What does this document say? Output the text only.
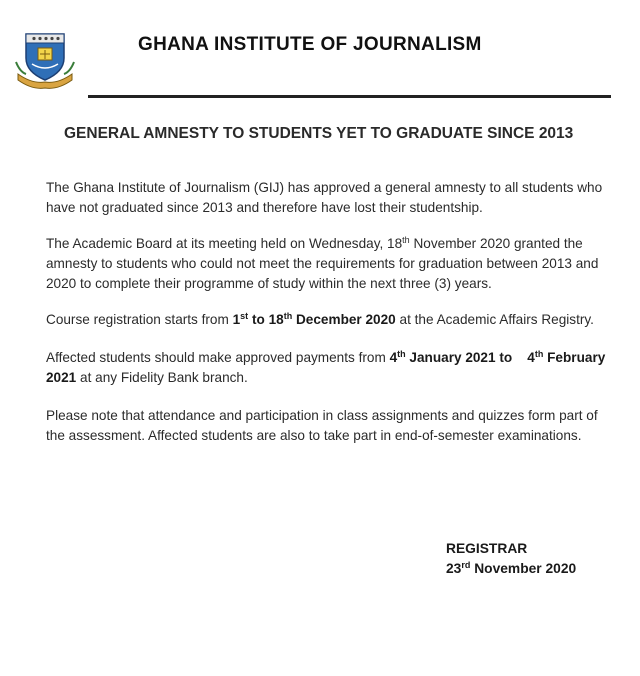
GHANA INSTITUTE OF JOURNALISM
GENERAL AMNESTY TO STUDENTS YET TO GRADUATE SINCE 2013

The Ghana Institute of Journalism (GIJ) has approved a general amnesty to all students who have not graduated since 2013 and therefore have lost their studentship.

The Academic Board at its meeting held on Wednesday, 18th November 2020 granted the amnesty to students who could not meet the requirements for graduation between 2013 and 2020 to complete their programme of study within the next three (3) years.

Course registration starts from 1st to 18th December 2020 at the Academic Affairs Registry.

Affected students should make approved payments from 4th January 2021 to    4th February 2021 at any Fidelity Bank branch.

Please note that attendance and participation in class assignments and quizzes form part of the assessment. Affected students are also to take part in end-of-semester examinations.

REGISTRAR
23rd November 2020
